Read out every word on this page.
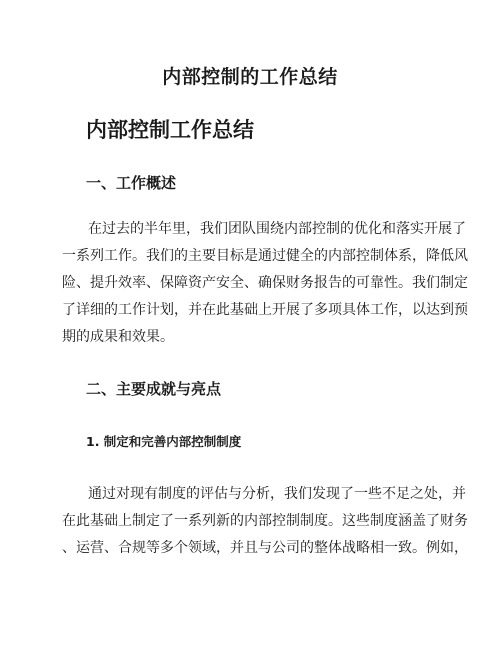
内部控制的工作总结
内部控制工作总结
一、工作概述
在过去的半年里，我们团队围绕内部控制的优化和落实开展了
一系列工作。我们的主要目标是通过健全的内部控制体系，降低风
险、提升效率、保障资产安全、确保财务报告的可靠性。我们制定
了详细的工作计划，并在此基础上开展了多项具体工作，以达到预
期的成果和效果。
二、主要成就与亮点
1. 制定和完善内部控制制度
通过对现有制度的评估与分析，我们发现了一些不足之处，并
在此基础上制定了一系列新的内部控制制度。这些制度涵盖了财务
、运营、合规等多个领域，并且与公司的整体战略相一致。例如，
